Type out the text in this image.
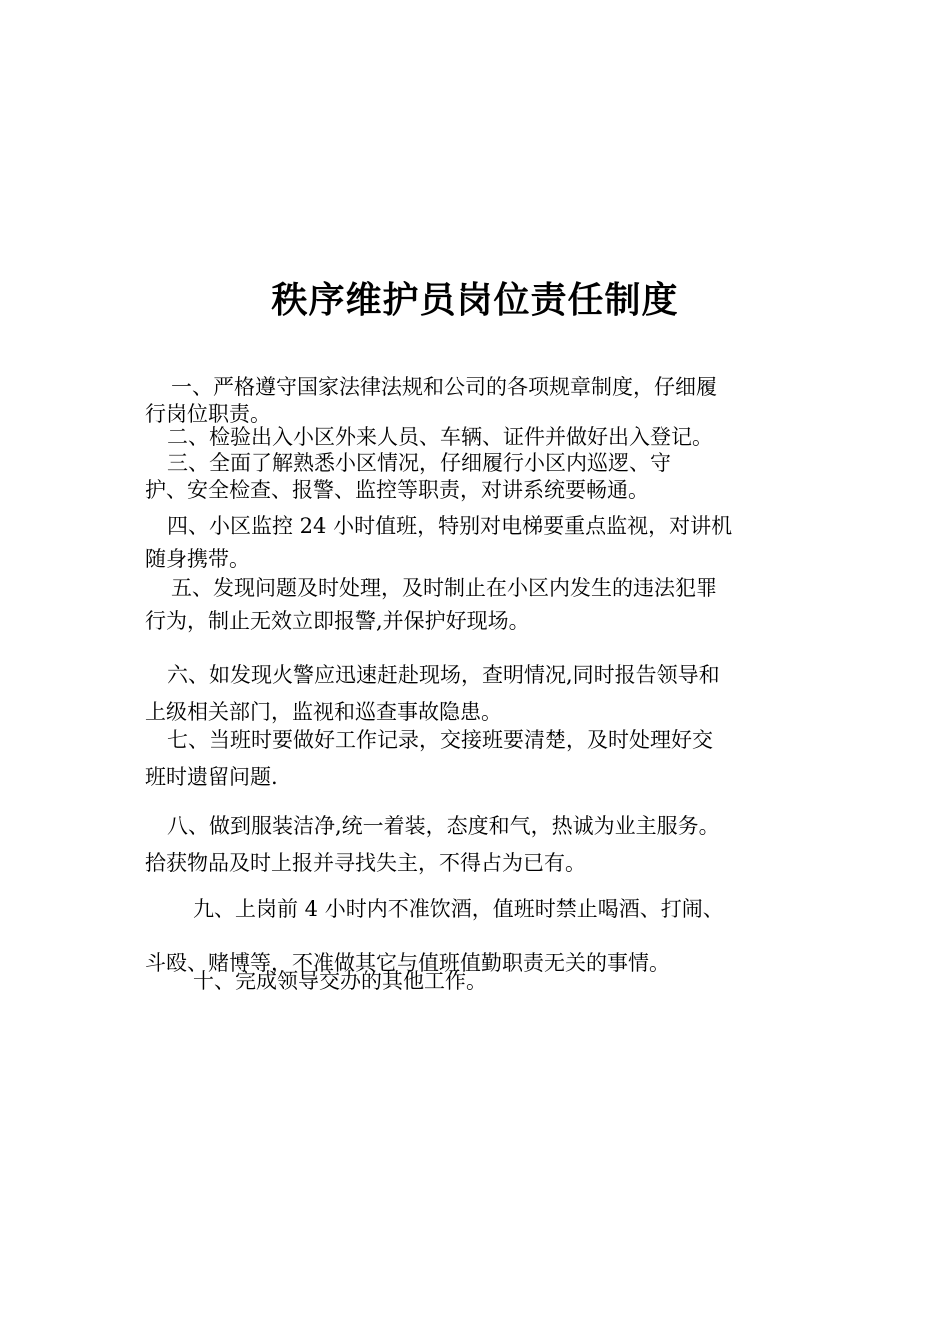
秩序维护员岗位责任制度
一、严格遵守国家法律法规和公司的各项规章制度，仔细履
行岗位职责。
二、检验出入小区外来人员、车辆、证件并做好出入登记。
三、全面了解熟悉小区情况，仔细履行小区内巡逻、守
护、安全检查、报警、监控等职责，对讲系统要畅通。
四、小区监控 24 小时值班，特别对电梯要重点监视，对讲机
随身携带。
五、发现问题及时处理，及时制止在小区内发生的违法犯罪
行为，制止无效立即报警,并保护好现场。
六、如发现火警应迅速赶赴现场，查明情况,同时报告领导和
上级相关部门，监视和巡查事故隐患。
七、当班时要做好工作记录，交接班要清楚，及时处理好交
班时遗留问题.
八、做到服装洁净,统一着装，态度和气，热诚为业主服务。
拾获物品及时上报并寻找失主，不得占为已有。
九、上岗前 4 小时内不准饮酒，值班时禁止喝酒、打闹、
斗殴、赌博等，不准做其它与值班值勤职责无关的事情。
十、完成领导交办的其他工作。
